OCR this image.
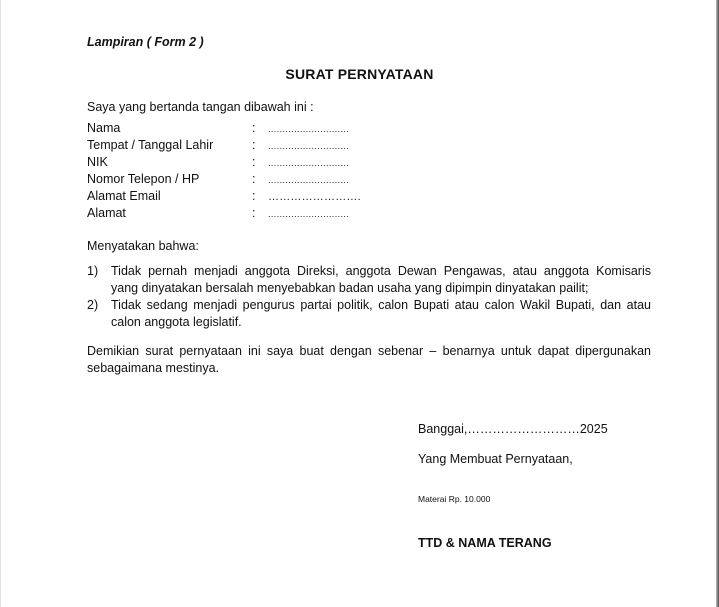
Lampiran ( Form 2 )
SURAT PERNYATAAN
Saya yang bertanda tangan dibawah ini :
Nama	: ............................
Tempat / Tanggal Lahir	: ............................
NIK	: ............................
Nomor Telepon / HP	: ............................
Alamat Email	: …………………….
Alamat	: ............................
Menyatakan bahwa:
1) Tidak pernah menjadi anggota Direksi, anggota Dewan Pengawas, atau anggota Komisaris
yang dinyatakan bersalah menyebabkan badan usaha yang dipimpin dinyatakan pailit;
2) Tidak sedang menjadi pengurus partai politik, calon Bupati atau calon Wakil Bupati, dan atau
calon anggota legislatif.
Demikian surat pernyataan ini saya buat dengan sebenar – benarnya untuk dapat dipergunakan
sebagaimana mestinya.
Banggai,………………………2025
Yang Membuat Pernyataan,
Materai Rp. 10.000
TTD & NAMA TERANG
